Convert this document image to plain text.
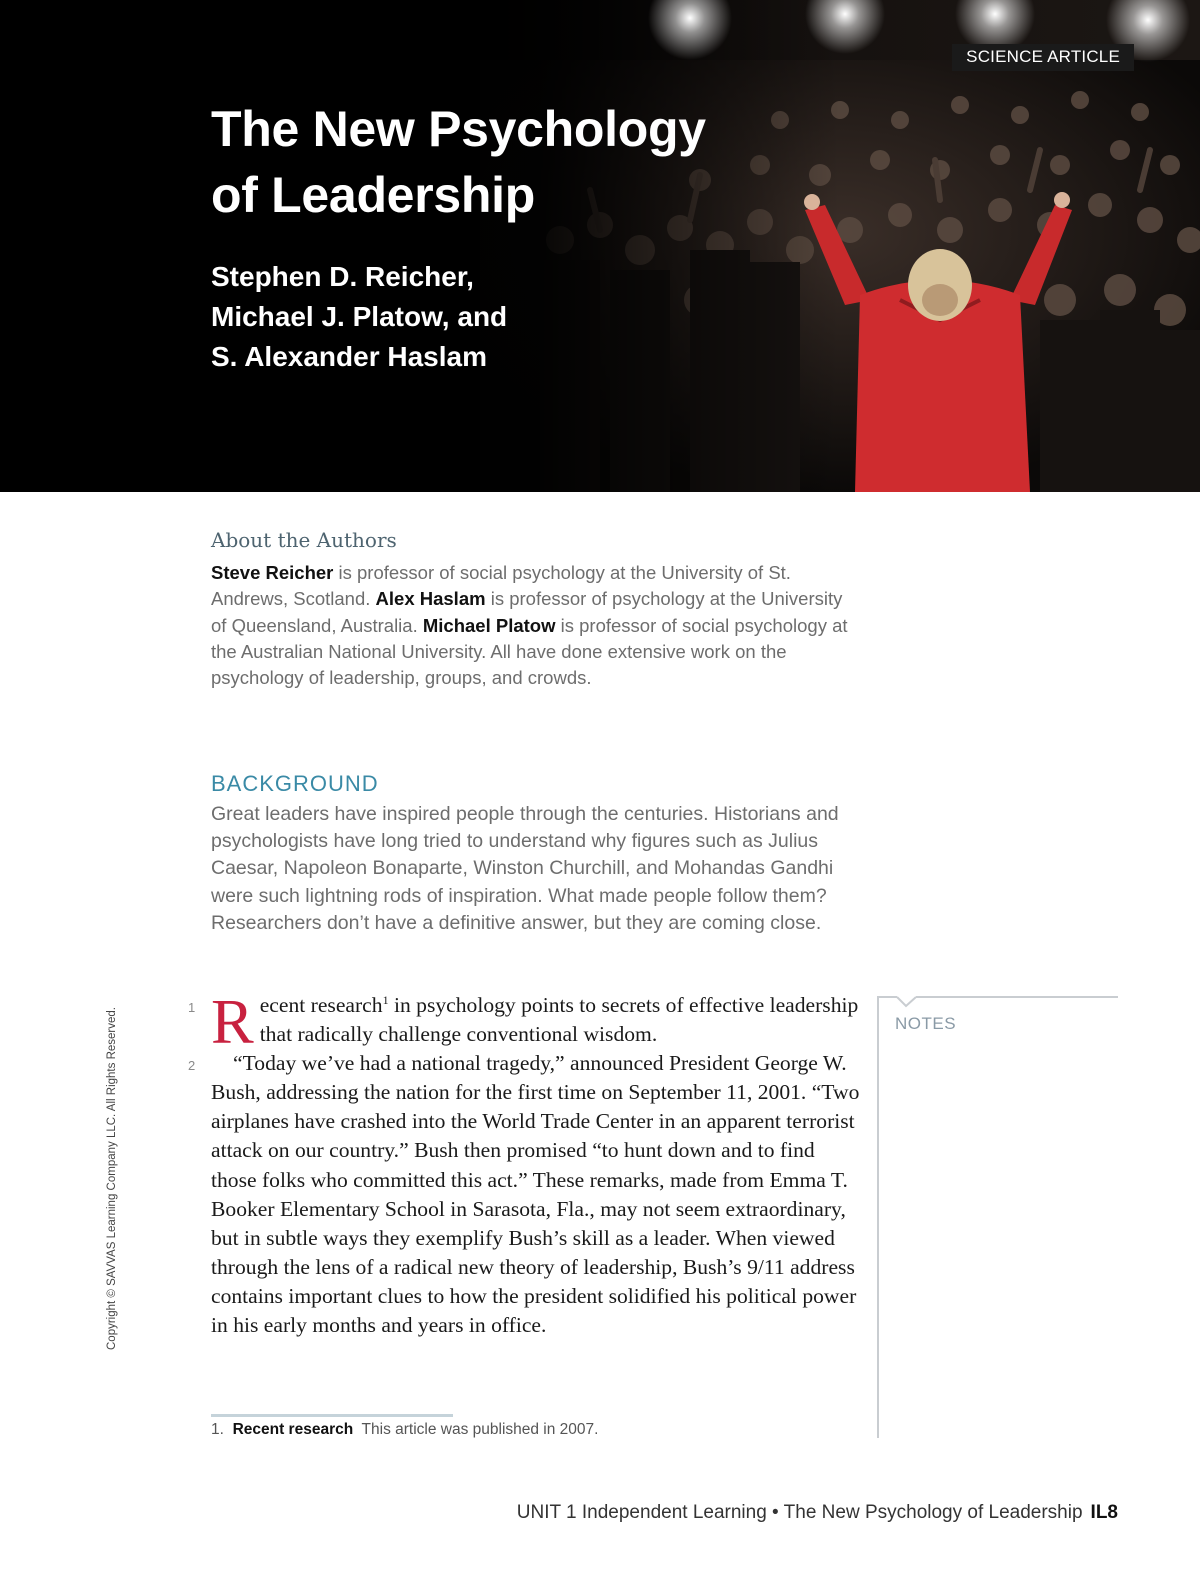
SCIENCE ARTICLE
The New Psychology
of Leadership
Stephen D. Reicher,
Michael J. Platow, and
S. Alexander Haslam
About the Authors

Steve Reicher is professor of social psychology at the University of St. Andrews, Scotland. Alex Haslam is professor of psychology at the University of Queensland, Australia. Michael Platow is professor of social psychology at the Australian National University. All have done extensive work on the psychology of leadership, groups, and crowds.

BACKGROUND

Great leaders have inspired people through the centuries. Historians and psychologists have long tried to understand why figures such as Julius Caesar, Napoleon Bonaparte, Winston Churchill, and Mohandas Gandhi were such lightning rods of inspiration. What made people follow them? Researchers don’t have a definitive answer, but they are coming close.

1
2
Recent research$^1$ in psychology points to secrets of effective leadership that radically challenge conventional wisdom.
“Today we’ve had a national tragedy,” announced President George W. Bush, addressing the nation for the first time on September 11, 2001. “Two airplanes have crashed into the World Trade Center in an apparent terrorist attack on our country.” Bush then promised “to hunt down and to find those folks who committed this act.” These remarks, made from Emma T. Booker Elementary School in Sarasota, Fla., may not seem extraordinary, but in subtle ways they exemplify Bush’s skill as a leader. When viewed through the lens of a radical new theory of leadership, Bush’s 9/11 address contains important clues to how the president solidified his political power in his early months and years in office.
NOTES

1. Recent research This article was published in 2007.

Copyright © SAVVAS Learning Company LLC. All Rights Reserved.
UNIT 1 Independent Learning • The New Psychology of Leadership IL8
